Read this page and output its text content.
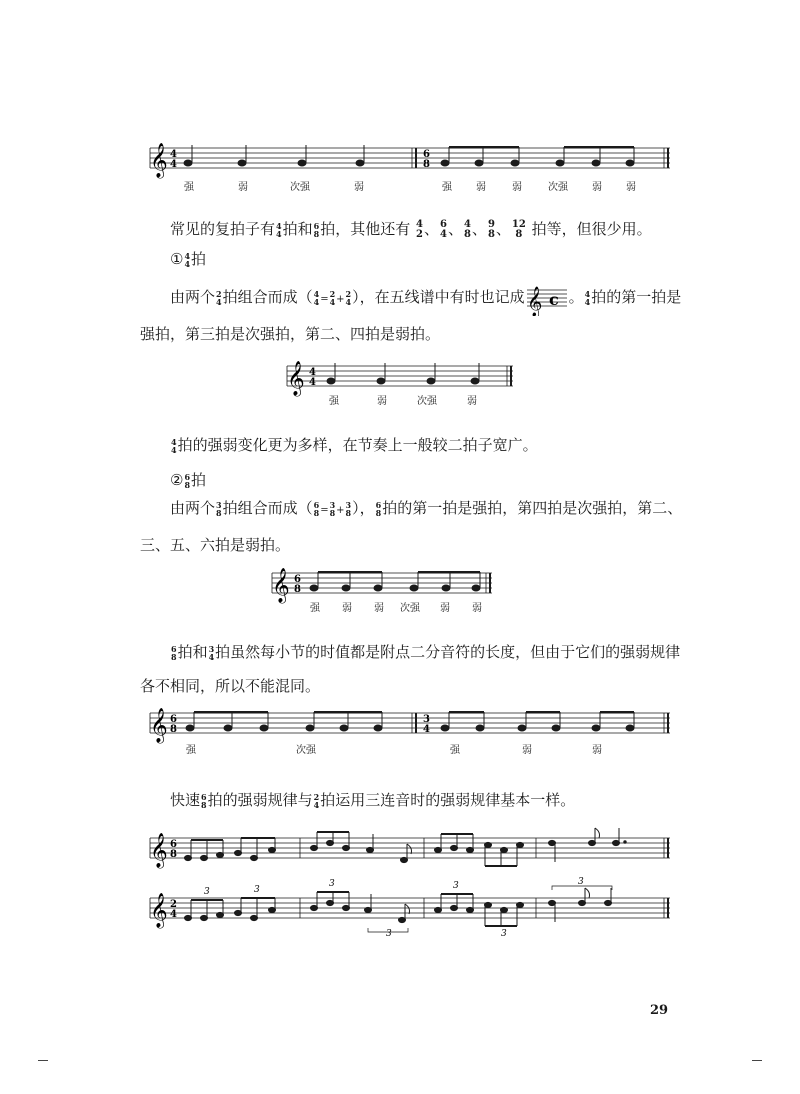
𝄞 4
4
6
8
强	弱	次强	弱	强 弱	弱	次强 弱 弱

常见的复拍子有 4
4 拍和 6
8 拍，其他还有 4
2 、 6
4 、 4
8 、 9
8 、 12
8 拍等，但很少用。

① 4
4 拍

由两个 2
4 拍组合而成（ 4
4 = 2
4 + 2
4 ），在五线谱中有时也记成 𝄞 c 。 4
4 拍的第一拍是强拍，第三拍是次强拍，第二、四拍是弱拍。

𝄞 4
4
强	弱	次强	弱

4
4 拍的强弱变化更为多样，在节奏上一般较二拍子宽广。

② 6
8 拍

由两个 3
8 拍组合而成（ 6
8 = 3
8 + 3
8 ）， 6
8 拍的第一拍是强拍，第四拍是次强拍，第二、三、五、六拍是弱拍。

𝄞 6
8
强 弱 弱 次强 弱 弱

6
8 拍和 3
4 拍虽然每小节的时值都是附点二分音符的长度，但由于它们的强弱规律各不相同，所以不能混同。

𝄞 6
8
3
4
强	次强	强	弱	弱

快速 6
8 拍的强弱规律与 2
4 拍运用三连音时的强弱规律基本一样。

𝄞 6
8
𝄞 2
4
3	3
3
3
3
3
3
29
